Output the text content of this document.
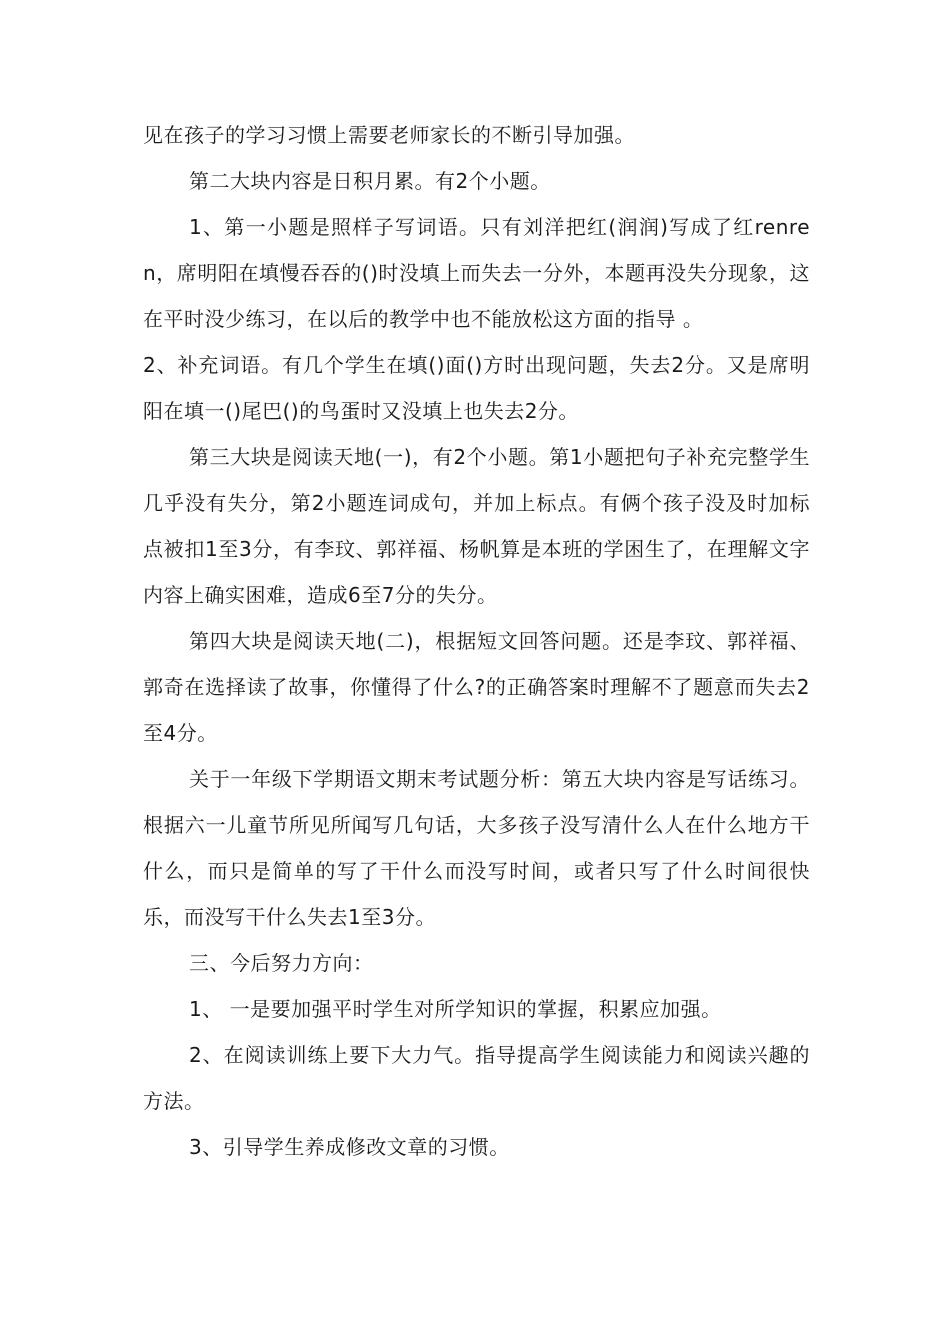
见在孩子的学习习惯上需要老师家长的不断引导加强。

第二大块内容是日积月累。有2个小题。

1、第一小题是照样子写词语。只有刘洋把红(润润)写成了红renren，席明阳在填慢吞吞的()时没填上而失去一分外，本题再没失分现象，这在平时没少练习，在以后的教学中也不能放松这方面的指导 。

2、补充词语。有几个学生在填()面()方时出现问题，失去2分。又是席明阳在填一()尾巴()的鸟蛋时又没填上也失去2分。

第三大块是阅读天地(一)，有2个小题。第1小题把句子补充完整学生几乎没有失分，第2小题连词成句，并加上标点。有俩个孩子没及时加标点被扣1至3分，有李玟、郭祥福、杨帆算是本班的学困生了，在理解文字内容上确实困难，造成6至7分的失分。

第四大块是阅读天地(二)，根据短文回答问题。还是李玟、郭祥福、郭奇在选择读了故事，你懂得了什么?的正确答案时理解不了题意而失去2至4分。

关于一年级下学期语文期末考试题分析：第五大块内容是写话练习。根据六一儿童节所见所闻写几句话，大多孩子没写清什么人在什么地方干什么，而只是简单的写了干什么而没写时间，或者只写了什么时间很快乐，而没写干什么失去1至3分。

三、今后努力方向：

1、 一是要加强平时学生对所学知识的掌握，积累应加强。

2、在阅读训练上要下大力气。指导提高学生阅读能力和阅读兴趣的方法。

3、引导学生养成修改文章的习惯。
